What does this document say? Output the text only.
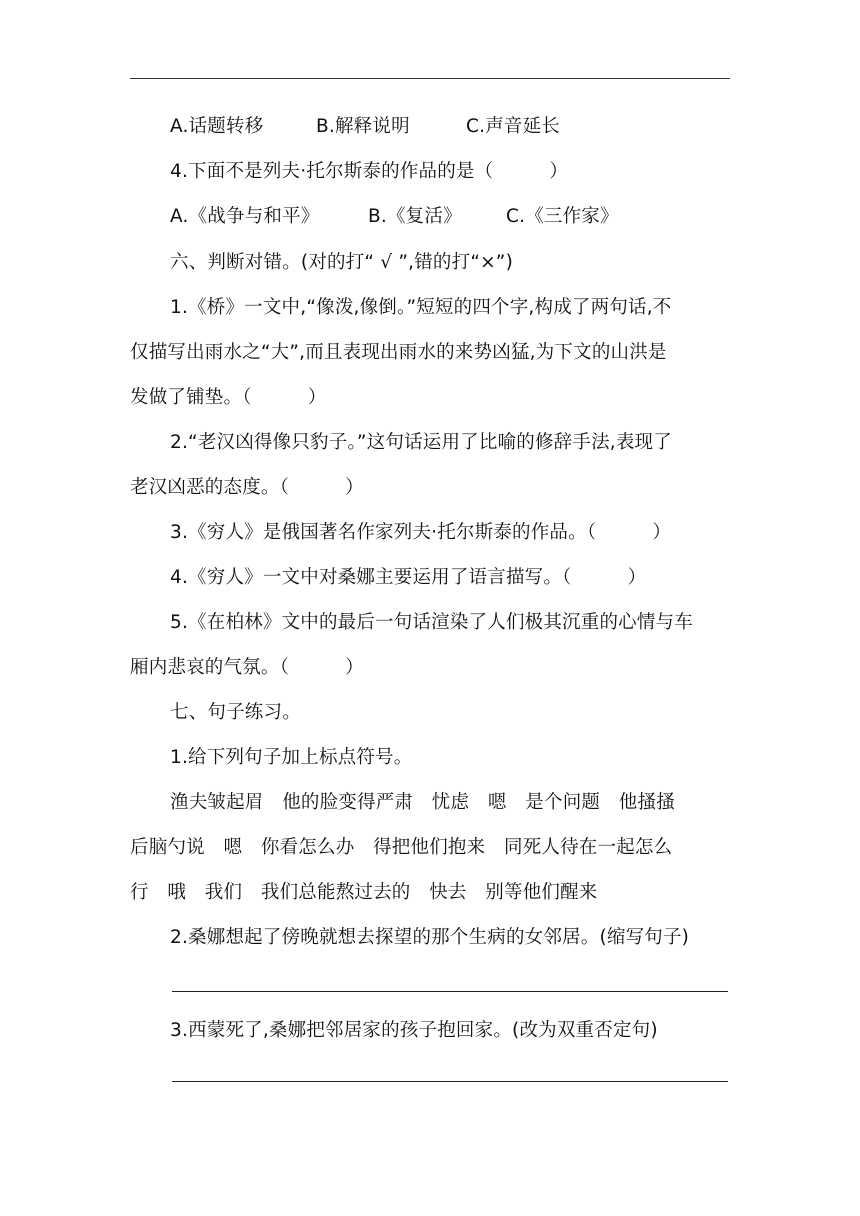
A.话题转移	B.解释说明	C.声音延长
4.下面不是列夫·托尔斯泰的作品的是（　　　）
A.《战争与和平》	B.《复活》 C.《三作家》
六、判断对错。(对的打“ √ ”,错的打“×”)
1.《桥》一文中,“像泼,像倒。”短短的四个字,构成了两句话,不
仅描写出雨水之“大”,而且表现出雨水的来势凶猛,为下文的山洪是
发做了铺垫。（　　　）
2.“老汉凶得像只豹子。”这句话运用了比喻的修辞手法,表现了
老汉凶恶的态度。（　　　）
3.《穷人》是俄国著名作家列夫·托尔斯泰的作品。（　　　）
4.《穷人》一文中对桑娜主要运用了语言描写。（　　　）
5.《在柏林》文中的最后一句话渲染了人们极其沉重的心情与车
厢内悲哀的气氛。（　　　）
七、句子练习。
1.给下列句子加上标点符号。
渔夫皱起眉　他的脸变得严肃　忧虑　嗯　是个问题　他搔搔
后脑勺说　嗯　你看怎么办　得把他们抱来　同死人待在一起怎么
行　哦　我们　我们总能熬过去的　快去　别等他们醒来
2.桑娜想起了傍晚就想去探望的那个生病的女邻居。(缩写句子)
3.西蒙死了,桑娜把邻居家的孩子抱回家。(改为双重否定句)
